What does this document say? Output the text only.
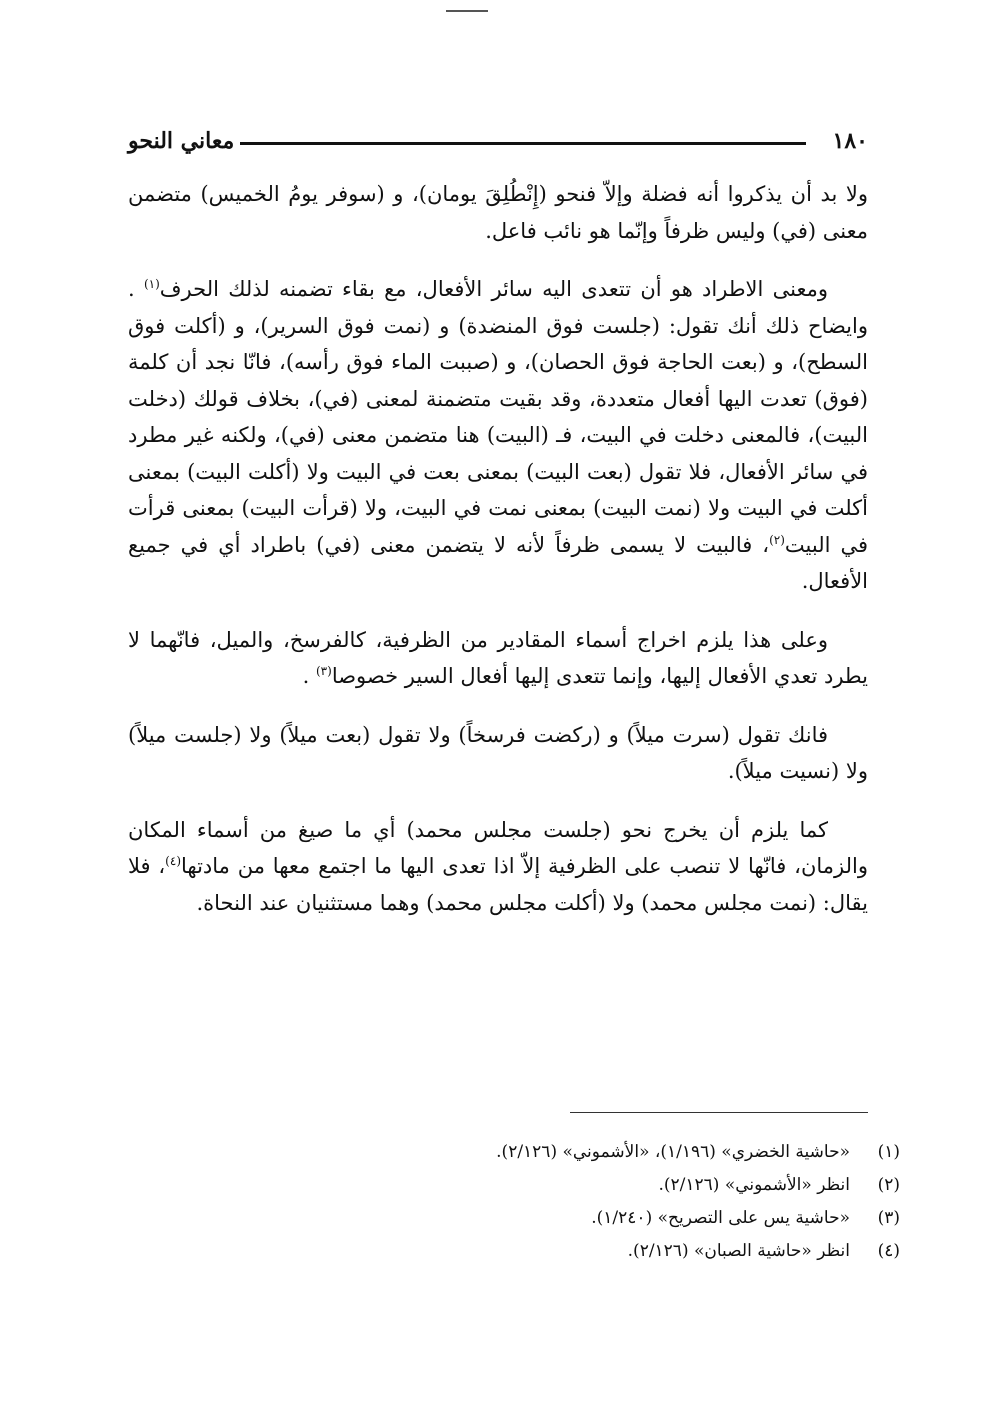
١٨٠
معاني النحو

ولا بد أن يذكروا أنه فضلة وإلاّ فنحو (إِنْطُلِقَ يومان)، و (سوفر يومُ الخميس) متضمن معنى (في) وليس ظرفاً وإنّما هو نائب فاعل.

ومعنى الاطراد هو أن تتعدى اليه سائر الأفعال، مع بقاء تضمنه لذلك الحرف$^{(١)}$ . وايضاح ذلك أنك تقول: (جلست فوق المنضدة) و (نمت فوق السرير)، و (أكلت فوق السطح)، و (بعت الحاجة فوق الحصان)، و (صببت الماء فوق رأسه)، فانّا نجد أن كلمة (فوق) تعدت اليها أفعال متعددة، وقد بقيت متضمنة لمعنى (في)، بخلاف قولك (دخلت البيت)، فالمعنى دخلت في البيت، فـ (البيت) هنا متضمن معنى (في)، ولكنه غير مطرد في سائر الأفعال، فلا تقول (بعت البيت) بمعنى بعت في البيت ولا (أكلت البيت) بمعنى أكلت في البيت ولا (نمت البيت) بمعنى نمت في البيت، ولا (قرأت البيت) بمعنى قرأت في البيت$^{(٢)}$، فالبيت لا يسمى ظرفاً لأنه لا يتضمن معنى (في) باطراد أي في جميع الأفعال.

وعلى هذا يلزم اخراج أسماء المقادير من الظرفية، كالفرسخ، والميل، فانّهما لا يطرد تعدي الأفعال إليها، وإنما تتعدى إليها أفعال السير خصوصا$^{(٣)}$ .

فانك تقول (سرت ميلاً) و (ركضت فرسخاً) ولا تقول (بعت ميلاً) ولا (جلست ميلاً) ولا (نسيت ميلاً).

كما يلزم أن يخرج نحو (جلست مجلس محمد) أي ما صيغ من أسماء المكان والزمان، فانّها لا تنصب على الظرفية إلاّ اذا تعدى اليها ما اجتمع معها من مادتها$^{(٤)}$، فلا يقال: (نمت مجلس محمد) ولا (أكلت مجلس محمد) وهما مستثنيان عند النحاة.

(١)«حاشية الخضري» (١/١٩٦)، «الأشموني» (٢/١٢٦).
(٢)انظر «الأشموني» (٢/١٢٦).
(٣)«حاشية يس على التصريح» (١/٢٤٠).
(٤)انظر «حاشية الصبان» (٢/١٢٦).
